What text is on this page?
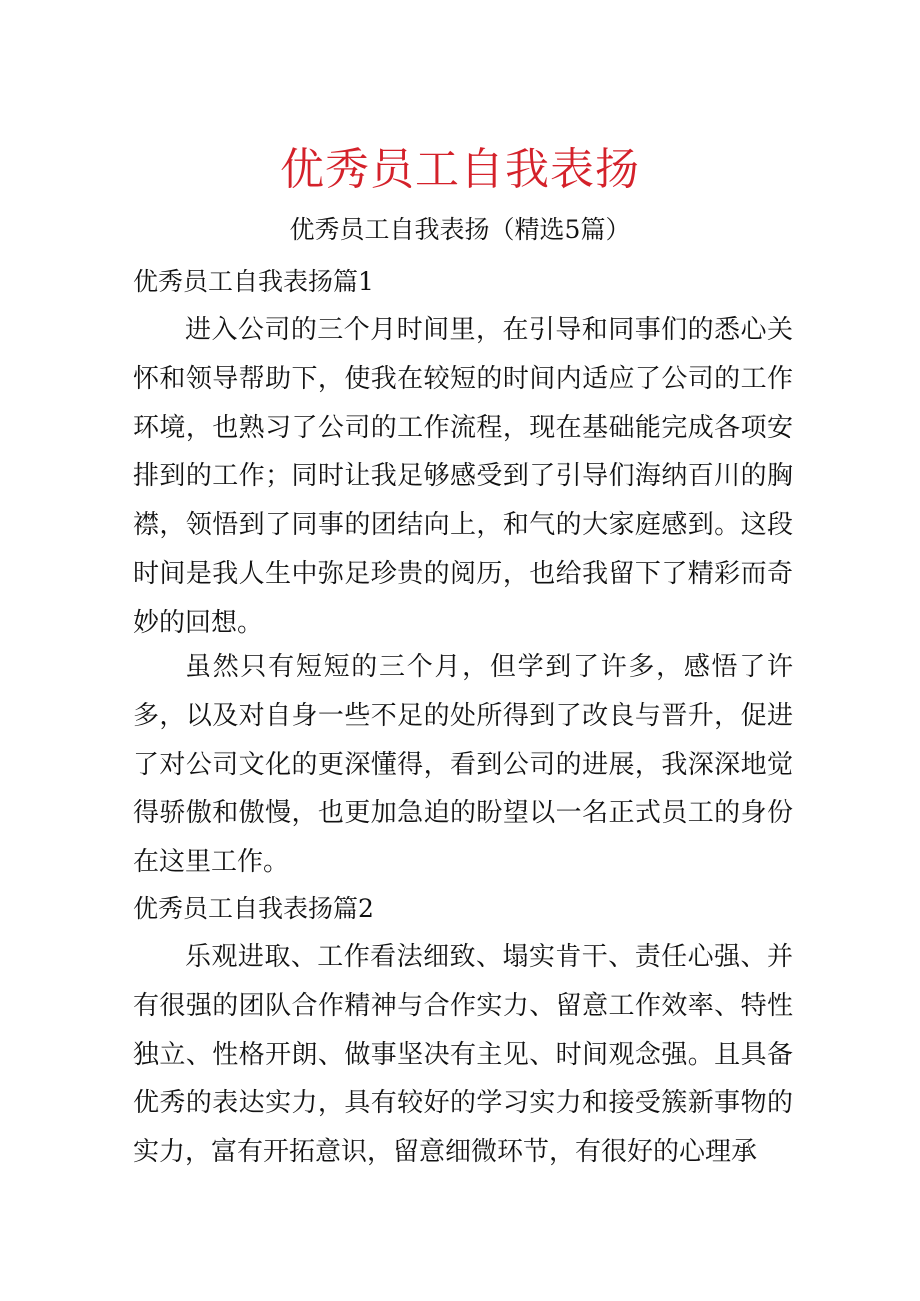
优秀员工自我表扬
优秀员工自我表扬（精选5篇）
优秀员工自我表扬篇1
进入公司的三个月时间里，在引导和同事们的悉心关怀和领导帮助下，使我在较短的时间内适应了公司的工作环境，也熟习了公司的工作流程，现在基础能完成各项安排到的工作；同时让我足够感受到了引导们海纳百川的胸襟，领悟到了同事的团结向上，和气的大家庭感到。这段时间是我人生中弥足珍贵的阅历，也给我留下了精彩而奇妙的回想。
虽然只有短短的三个月，但学到了许多，感悟了许多，以及对自身一些不足的处所得到了改良与晋升，促进了对公司文化的更深懂得，看到公司的进展，我深深地觉得骄傲和傲慢，也更加急迫的盼望以一名正式员工的身份在这里工作。
优秀员工自我表扬篇2
乐观进取、工作看法细致、塌实肯干、责任心强、并有很强的团队合作精神与合作实力、留意工作效率、特性独立、性格开朗、做事坚决有主见、时间观念强。且具备优秀的表达实力，具有较好的学习实力和接受簇新事物的实力，富有开拓意识，留意细微环节，有很好的心理承
